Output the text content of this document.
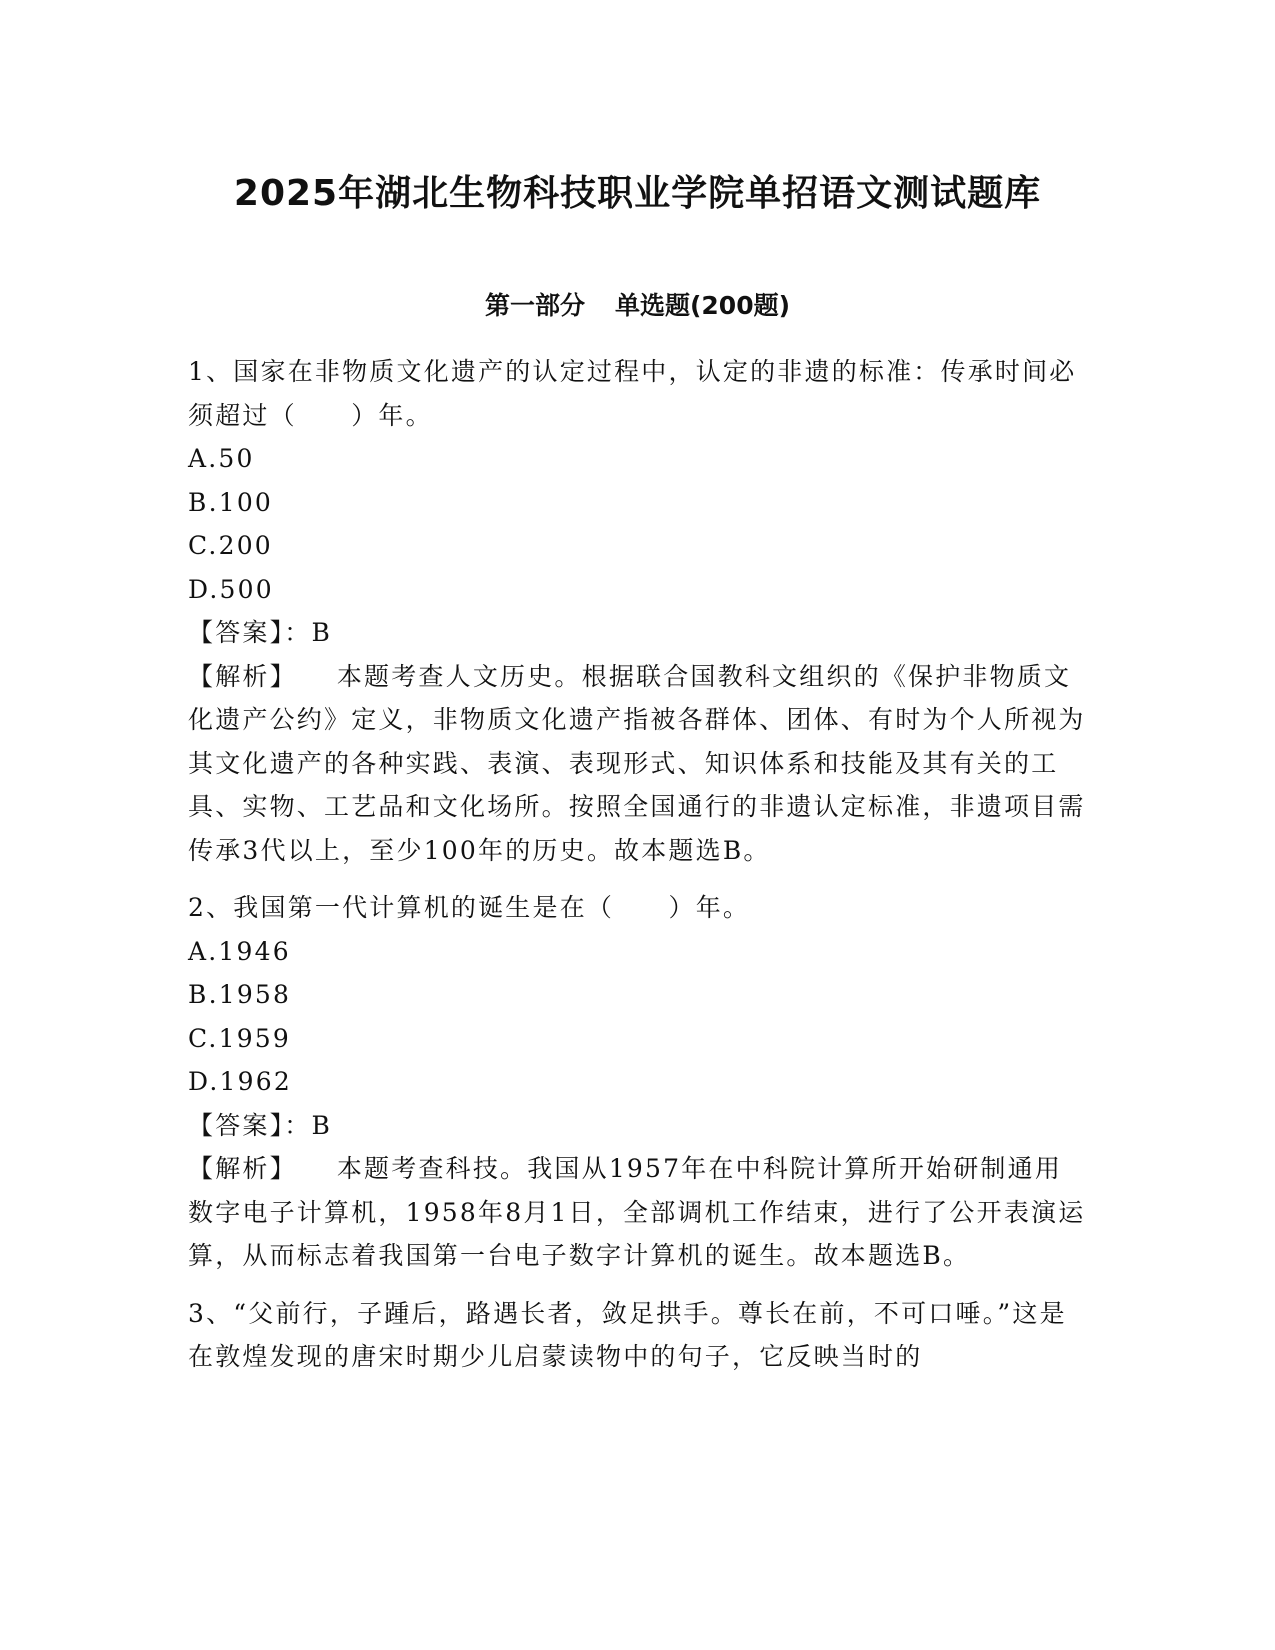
2025年湖北生物科技职业学院单招语文测试题库
第一部分 单选题(200题)

1、国家在非物质文化遗产的认定过程中，认定的非遗的标准：传承时间必须超过（　　）年。

A.50

B.100

C.200

D.500

【答案】：B

【解析】 本题考查人文历史。根据联合国教科文组织的《保护非物质文化遗产公约》定义，非物质文化遗产指被各群体、团体、有时为个人所视为其文化遗产的各种实践、表演、表现形式、知识体系和技能及其有关的工具、实物、工艺品和文化场所。按照全国通行的非遗认定标准，非遗项目需传承3代以上，至少100年的历史。故本题选B。

2、我国第一代计算机的诞生是在（　　）年。

A.1946

B.1958

C.1959

D.1962

【答案】：B

【解析】 本题考查科技。我国从1957年在中科院计算所开始研制通用数字电子计算机，1958年8月1日，全部调机工作结束，进行了公开表演运算，从而标志着我国第一台电子数字计算机的诞生。故本题选B。

3、“父前行，子踵后，路遇长者，敛足拱手。尊长在前，不可口唾。”这是在敦煌发现的唐宋时期少儿启蒙读物中的句子，它反映当时的
